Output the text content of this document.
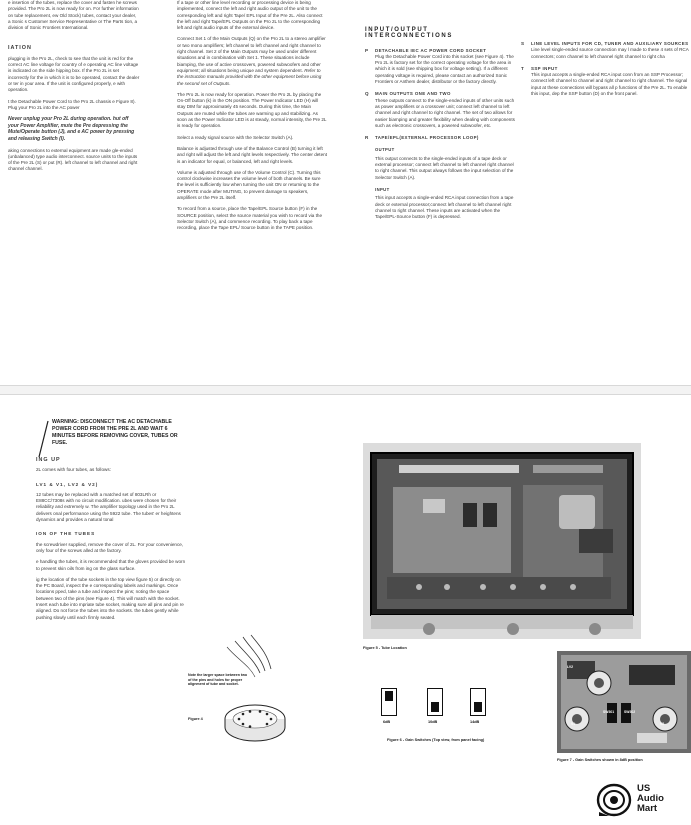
e insertion of the tubes, replace the cover and fasten he screws provided. The Pro 2L is now ready for on. For further information on tube replacement, ew Old Stock) tubes, contact your dealer, a Sonic s Customer Service Representative or The Parts tion, a division of Sonic Frontiers International.

IATION

plugging in the Pro 2L, check to see that the unit is red for the correct AC line voltage for country of e operating AC line voltage is indicated on the side hipping box. If the Pro 2L is set incorrectly for the in which it is to be operated, contact the dealer or ter in your area. If the unit is configured properly, e with operation.

t the Detachable Power Cord to the Pro 2L chassis e Figure 8). Plug your Pro 2L into the AC power

Never unplug your Pro 2L during operation. hut off your Power Amplifier, mute the Pre depressing the Mute/Operate button (J), and e AC power by pressing and releasing Switch (I).

aking connections to external equipment are made gle-ended (unbalanced) type audio interconnect. source units to the inputs of the Pre 2L (S) or put (R). left channel to left channel and right channel channel.

If a tape or other line level recording or processing device is being implemented, connect the left and right audio output of the unit to the corresponding left and right Tape/ EPL Input of the Pre 2L. Also connect the left and right Tape/EPL Outputs on the Pro 2L to the corresponding left and right audio inputs of the external device.

Connect Set 1 of the Main Outputs (Q) on the Pro 2L to a stereo amplifier or two mono amplifiers; left channel to left channel and right channel to right channel. Set 2 of the Main Outputs may be used under different situations and in combination with Set 1. These situations include biamping, the use of active crossovers, powered subwoofers and other equipment; all situations being unique and system dependent. Refer to the instruction manuals provided with the other equipment before using the second set of Outputs.

The Pro 2L is now ready for operation. Power the Pro 2L by placing the On-Off button (k) in the ON position. The Power Indicator LED (H) will stay DIM for approximately 45 seconds. During this time, the Main Outputs are muted while the tubes are warming up and stabilizing. As soon as the Power Indicator LED is at steady, normal intensity, the Pre 2L is ready for operation.

Select a ready signal source with the Selector Switch (A).

Balance is adjusted through use of the Balance Control (B) turning it left and right will adjust the left and right levels respectively. The center detent is an indicator for equal, or balanced, left and right levels.

Volume is adjusted through use of the Volume Control (C). Turning this control clockwise increases the volume level of both channels. Be sure the level is sufficiently low when turning the unit ON or returning to the OPERATE mode after MUTING, to prevent damage to speakers, amplifiers or the Pre 2L itself.

To record from a source, place the Tape/EPL Source button (F) in the SOURCE position, select the source material you wish to record via the Selector Switch (A), and commence recording. To play back a tape recording, place the Tape EPL/ Source button in the TAPE position.

INPUT/OUTPUT INTERCONNECTIONS
P DETACHABLE IEC AC POWER CORD SOCKET
Plug the Detachable Power Cord into this socket (see Figure 4). The Pro 2L is factory set for the correct operating voltage for the area in which it is sold (see shipping box for voltage setting). If a different operating voltage is required, please contact an authorized Sonic Frontiers or Anthem dealer, distributor or the factory directly.
Q MAIN OUTPUTS ONE AND TWO
These outputs connect to the single-ended inputs of other units such as power amplifiers or a crossover unit; connect left channel to left channel and right channel to right channel. The set of two allows for easier biamping and greater flexibility when dealing with components such as electronic crossovers, a powered subwoofer, etc.
R TAPE/EPL(EXTERNAL PROCESSOR LOOP)
OUTPUT
This output connects to the single-ended inputs of a tape deck or external processor; connect left channel to left channel right channel to right channel. This output always follows the input selection of the Selector Switch (A).
INPUT
This input accepts a single-ended RCA input connection from a tape deck or external processor;connect left channel to left channel right channel to right channel. These inputs are activated when the Tape/EPL-Source button (F) is depressed.
S LINE LEVEL INPUTS FOR CD, TUNER AND AUXILIARY SOURCES
Line level single-ended source connection may l made to these 4 sets of RCA connectors; conn channel to left channel right channel to right cha
T SSP INPUT
This input accepts a single-ended RCA input conn from an SSP Processor; connect left channel to channel and right channel to right channel. The signal input at these connections will bypass all p functions of the Pre 2L. To enable this input, dep the SSP button (D) on the front panel.
WARNING: DISCONNECT THE AC DETACHABLE POWER CORD FROM THE PRE 2L AND WAIT 6 MINUTES BEFORE REMOVING COVER, TUBES OR FUSE.
ING UP

2L comes with four tubes, as follows:

LV1 & V1, LV2 & V2)

12 tubes may be replaced with a matched set of 803LRh or E88CC/7308s with no circuit modification. ubes were chosen for their reliability and extremely w. The amplifier topology used in the Pro 2L delivers onal performance using the 5922 tube. The tubes' er heightens dynamics and provides a natural tonal

ION OF THE TUBES

the screwdriver supplied, remove the cover of 2L. For your convenience, only four of the screws alled at the factory.

e handling the tubes, it is recommended that the gloves provided be worn to prevent skin oils from ing on the glass surface.

ig the location of the tube sockets in the top view figure 5) or directly on the PC Board, inspect the e corresponding labels and markings. Once locations pped, take a tube and inspect the pins; noting the space between two of the pins (see Figure 4). This will match with the socket. Insert each tube into mpriate tube socket, making sure all pins and pin re aligned. Do not force the tubes into the sockets. the tubes gently while pushing slowly until each firmly seated.

Note the larger space between two of the pins and holes for proper alignment of tube and socket.
Figure 4
Figure 5 - Tube Location
6dB	10dB	14dB
Figure 6 - Gain Switches (Top view, from panel facing)
LV2
V1	V2
SW301	SW302
Figure 7 - Gain Switches shown in 8dB position
US
Audio
Mart
